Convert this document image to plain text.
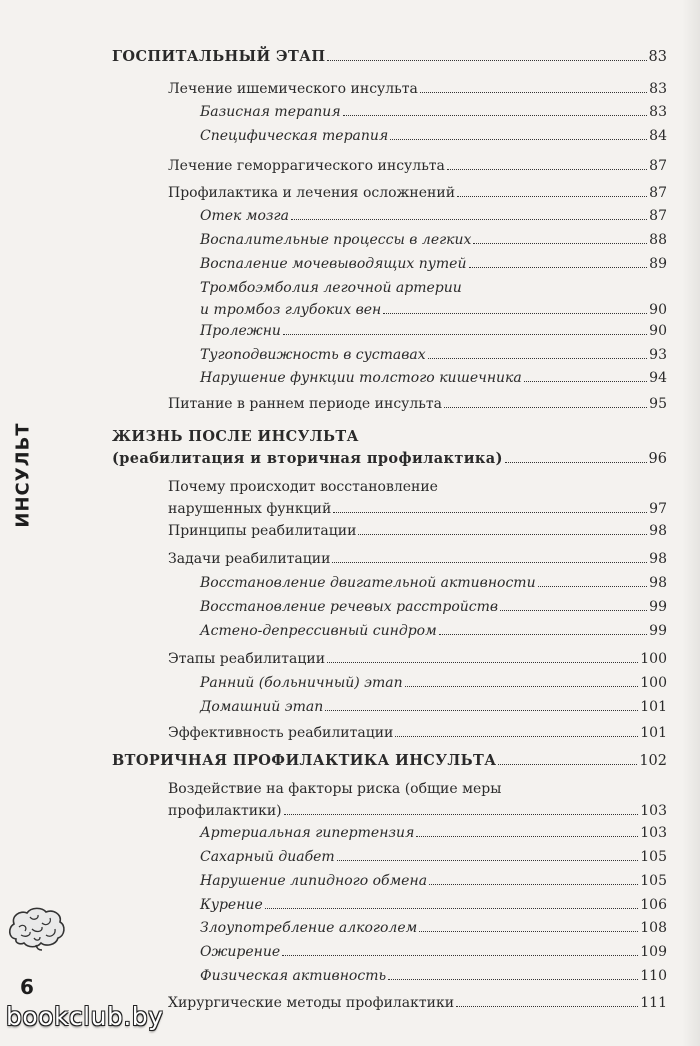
ИНСУЛЬТ
6
bookclub.by
ГОСПИТАЛЬНЫЙ ЭТАП	83
Лечение ишемического инсульта	83
Базисная терапия	83
Специфическая терапия	84
Лечение геморрагического инсульта	87
Профилактика и лечения осложнений	87
Отек мозга	87
Воспалительные процессы в легких	88
Воспаление мочевыводящих путей	89
Тромбоэмболия легочной артерии
и тромбоз глубоких вен	90
Пролежни	90
Тугоподвижность в суставах	93
Нарушение функции толстого кишечника	94
Питание в раннем периоде инсульта	95
ЖИЗНЬ ПОСЛЕ ИНСУЛЬТА
(реабилитация и вторичная профилактика)	96
Почему происходит восстановление
нарушенных функций	97
Принципы реабилитации	98
Задачи реабилитации	98
Восстановление двигательной активности	98
Восстановление речевых расстройств	99
Астено-депрессивный синдром	99
Этапы реабилитации	100
Ранний (больничный) этап	100
Домашний этап	101
Эффективность реабилитации	101
ВТОРИЧНАЯ ПРОФИЛАКТИКА ИНСУЛЬТА	102
Воздействие на факторы риска (общие меры
профилактики)	103
Артериальная гипертензия	103
Сахарный диабет	105
Нарушение липидного обмена	105
Курение	106
Злоупотребление алкоголем	108
Ожирение	109
Физическая активность	110
Хирургические методы профилактики	111
